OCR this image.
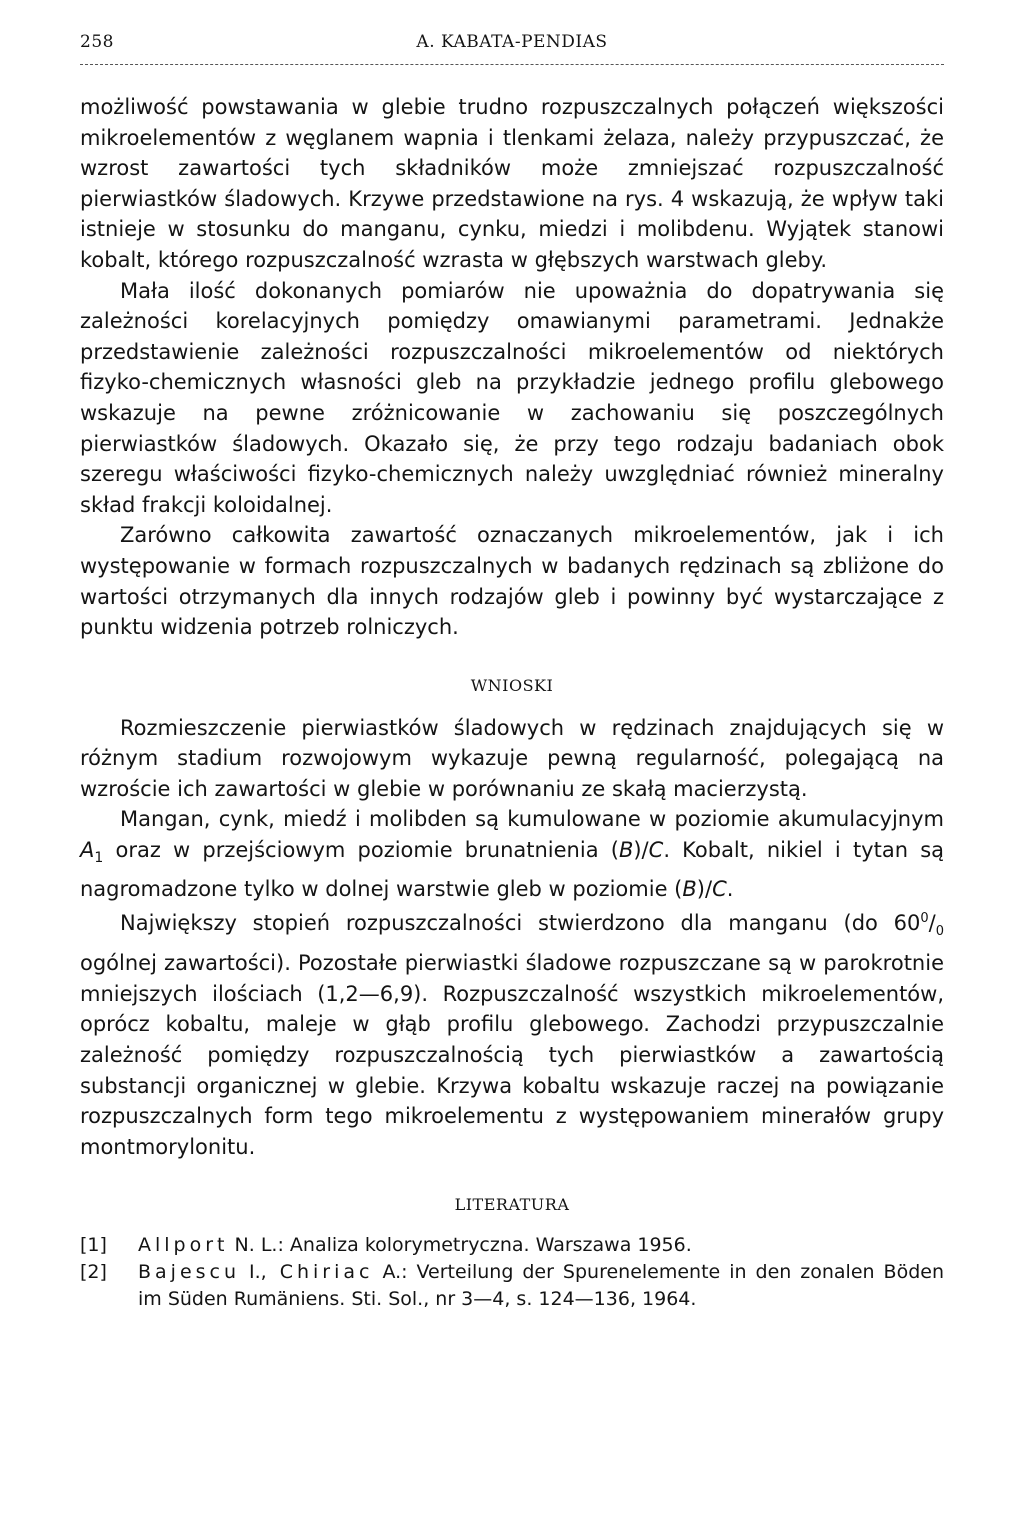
258	A. KABATA-PENDIAS

możliwość powstawania w glebie trudno rozpuszczalnych połączeń większości mikroelementów z węglanem wapnia i tlenkami żelaza, należy przypuszczać, że wzrost zawartości tych składników może zmniejszać rozpuszczalność pierwiastków śladowych. Krzywe przedstawione na rys. 4 wskazują, że wpływ taki istnieje w stosunku do manganu, cynku, miedzi i molibdenu. Wyjątek stanowi kobalt, którego rozpuszczalność wzrasta w głębszych warstwach gleby.

Mała ilość dokonanych pomiarów nie upoważnia do dopatrywania się zależności korelacyjnych pomiędzy omawianymi parametrami. Jednakże przedstawienie zależności rozpuszczalności mikroelementów od niektórych fizyko-chemicznych własności gleb na przykładzie jednego profilu glebowego wskazuje na pewne zróżnicowanie w zachowaniu się poszczególnych pierwiastków śladowych. Okazało się, że przy tego rodzaju badaniach obok szeregu właściwości fizyko-chemicznych należy uwzględniać również mineralny skład frakcji koloidalnej.

Zarówno całkowita zawartość oznaczanych mikroelementów, jak i ich występowanie w formach rozpuszczalnych w badanych rędzinach są zbliżone do wartości otrzymanych dla innych rodzajów gleb i powinny być wystarczające z punktu widzenia potrzeb rolniczych.

WNIOSKI

Rozmieszczenie pierwiastków śladowych w rędzinach znajdujących się w różnym stadium rozwojowym wykazuje pewną regularność, polegającą na wzroście ich zawartości w glebie w porównaniu ze skałą macierzystą.

Mangan, cynk, miedź i molibden są kumulowane w poziomie akumulacyjnym $A_1$ oraz w przejściowym poziomie brunatnienia (B)/C. Kobalt, nikiel i tytan są nagromadzone tylko w dolnej warstwie gleb w poziomie (B)/C.

Największy stopień rozpuszczalności stwierdzono dla manganu (do $60^0/_0$ ogólnej zawartości). Pozostałe pierwiastki śladowe rozpuszczane są w parokrotnie mniejszych ilościach (1,2—6,9). Rozpuszczalność wszystkich mikroelementów, oprócz kobaltu, maleje w głąb profilu glebowego. Zachodzi przypuszczalnie zależność pomiędzy rozpuszczalnością tych pierwiastków a zawartością substancji organicznej w glebie. Krzywa kobaltu wskazuje raczej na powiązanie rozpuszczalnych form tego mikroelementu z występowaniem minerałów grupy montmorylonitu.

LITERATURA

[1] Allport N. L.: Analiza kolorymetryczna. Warszawa 1956.

[2] Bajescu I., Chiriac A.: Verteilung der Spurenelemente in den zonalen Böden im Süden Rumäniens. Sti. Sol., nr 3—4, s. 124—136, 1964.
